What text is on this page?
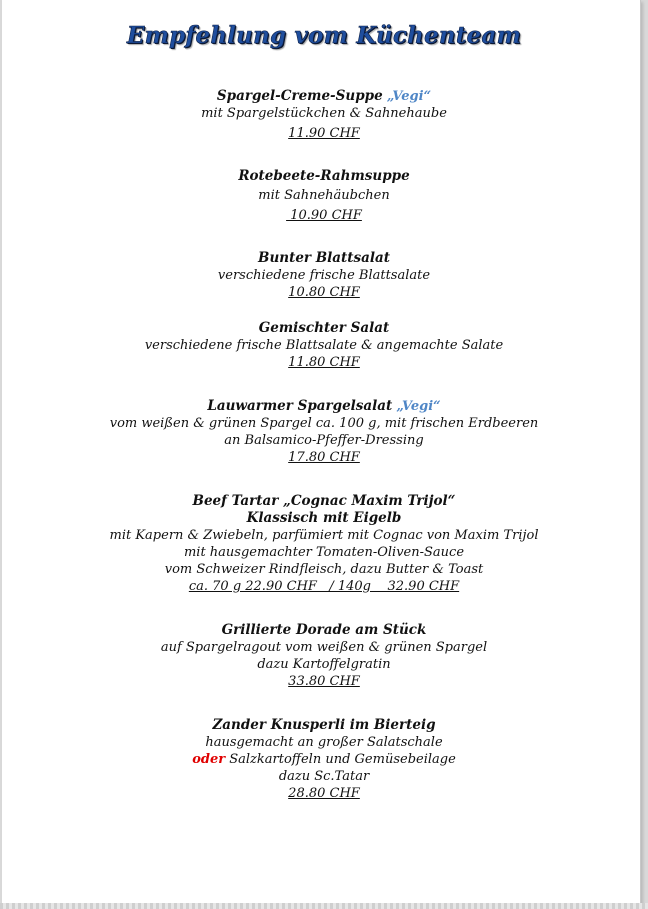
Empfehlung vom Küchenteam
Spargel-Creme-Suppe „Vegi“
mit Spargelstückchen & Sahnehaube
11.90 CHF
Rotebeete-Rahmsuppe
mit Sahnehäubchen
10.90 CHF
Bunter Blattsalat
verschiedene frische Blattsalate
10.80 CHF
Gemischter Salat
verschiedene frische Blattsalate & angemachte Salate
11.80 CHF
Lauwarmer Spargelsalat „Vegi“
vom weißen & grünen Spargel ca. 100 g, mit frischen Erdbeeren
an Balsamico-Pfeffer-Dressing
17.80 CHF
Beef Tartar „Cognac Maxim Trijol“
Klassisch mit Eigelb
mit Kapern & Zwiebeln, parfümiert mit Cognac von Maxim Trijol
mit hausgemachter Tomaten-Oliven-Sauce
vom Schweizer Rindfleisch, dazu Butter & Toast
ca. 70 g 22.90 CHF   / 140g    32.90 CHF
Grillierte Dorade am Stück
auf Spargelragout vom weißen & grünen Spargel
dazu Kartoffelgratin
33.80 CHF
Zander Knusperli im Bierteig
hausgemacht an großer Salatschale
oder Salzkartoffeln und Gemüsebeilage
dazu Sc.Tatar
28.80 CHF
